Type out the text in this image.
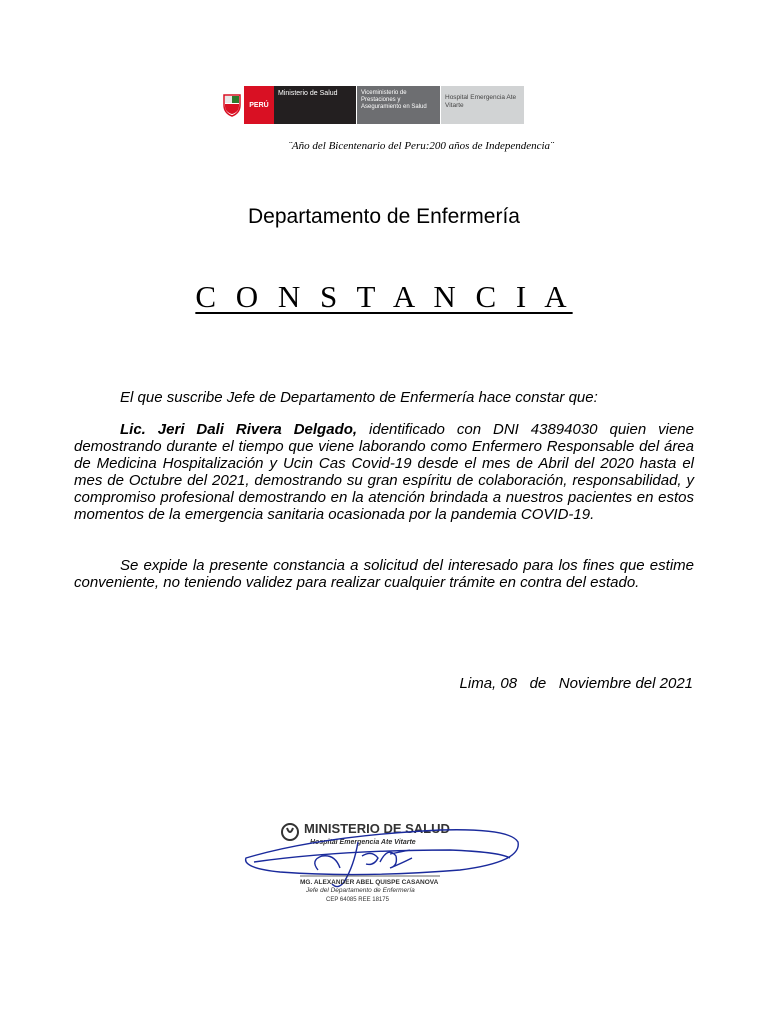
PERÚ
Ministerio de Salud	Viceministerio de Prestaciones y Aseguramiento en Salud
Hospital Emergencia Ate Vitarte
¨Año del Bicentenario del Peru:200 años de Independencia¨
Departamento de Enfermería
C O N S T A N C I A
El que suscribe Jefe de Departamento de Enfermería hace constar que:
Lic. Jeri Dali Rivera Delgado, identificado con DNI 43894030 quien viene demostrando durante el tiempo que viene laborando como Enfermero Responsable del área de Medicina Hospitalización y Ucin Cas Covid-19 desde el mes de Abril del 2020 hasta el mes de Octubre del 2021, demostrando su gran espíritu de colaboración, responsabilidad, y compromiso profesional demostrando en la atención brindada a nuestros pacientes en estos momentos de la emergencia sanitaria ocasionada por la pandemia COVID-19.
Se expide la presente constancia a solicitud del interesado para los fines que estime conveniente, no teniendo validez para realizar cualquier trámite en contra del estado.
Lima, 08   de   Noviembre del 2021
MINISTERIO DE SALUD
Hospital Emergencia Ate Vitarte
MG. ALEXANDER ABEL QUISPE CASANOVA
Jefe del Departamento de Enfermería
CEP 64085 REE 18175
